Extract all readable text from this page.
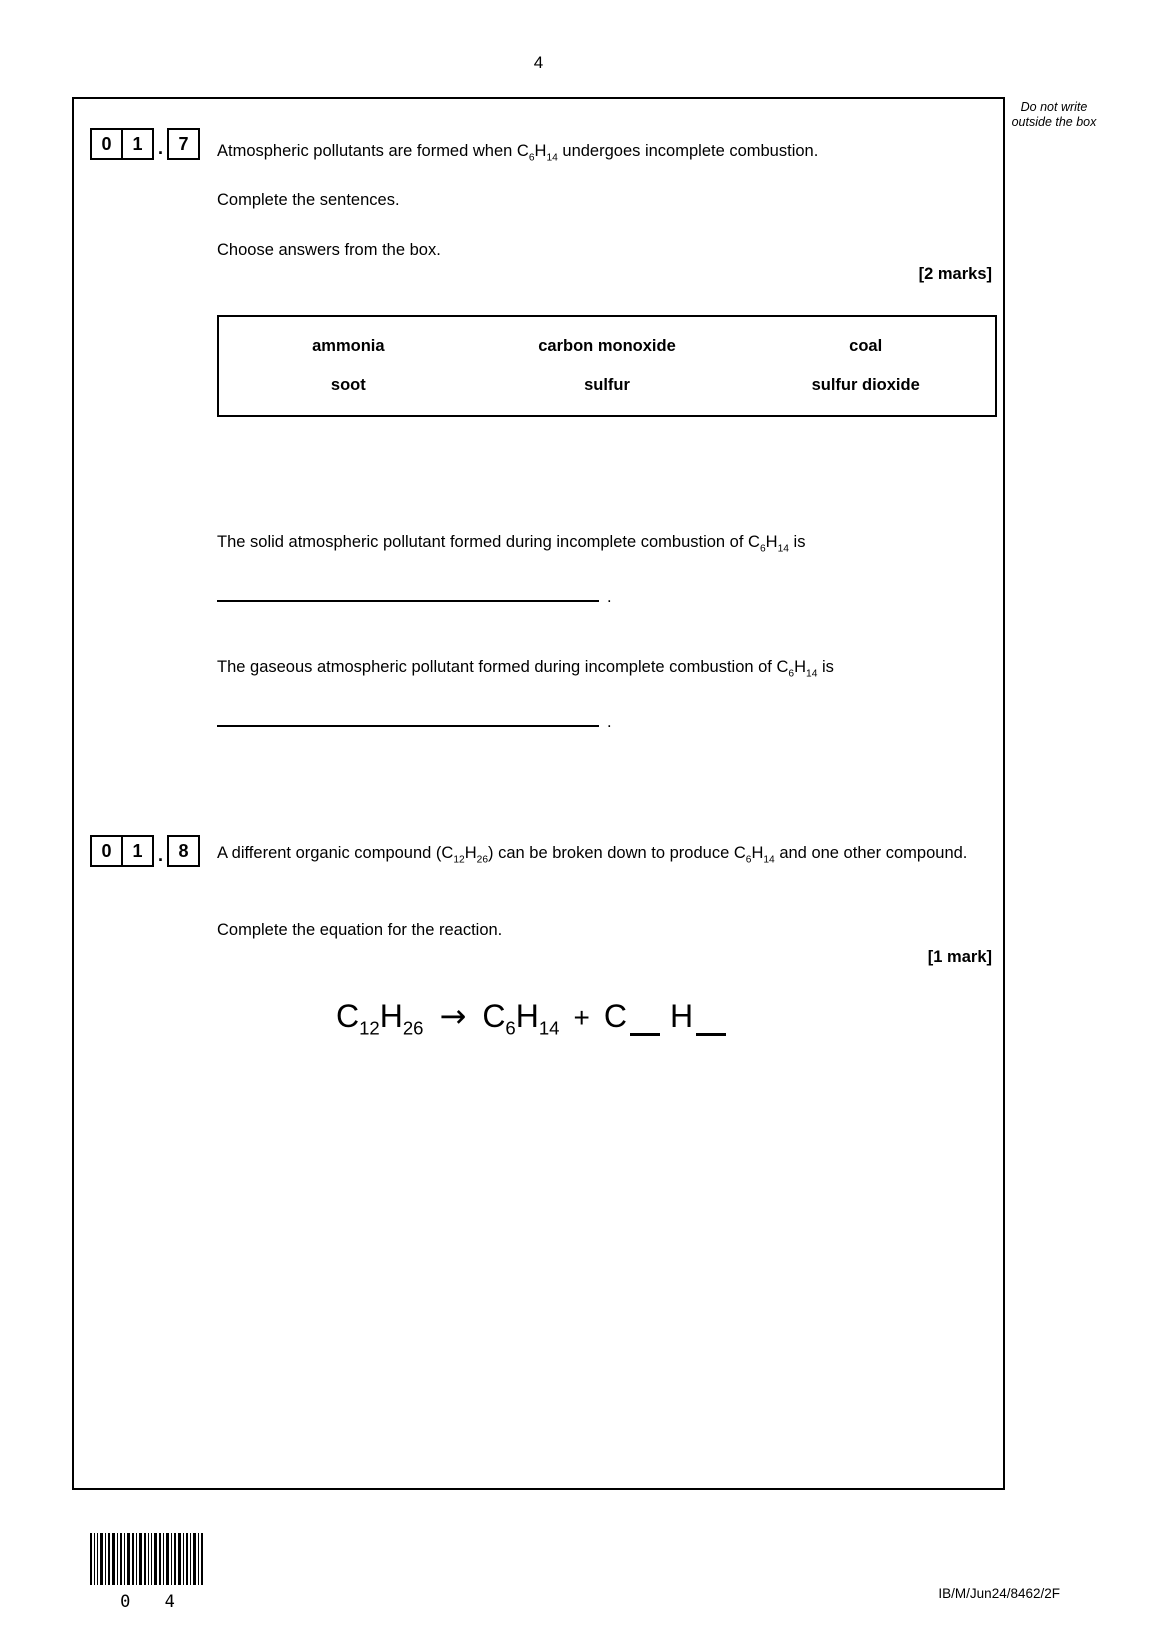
4
Do not write outside the box
0	1 . 7	Atmospheric pollutants are formed when $C_6H_{14}$ undergoes incomplete combustion.
Complete the sentences.
Choose answers from the box.
[2 marks]
ammonia	carbon monoxide	coal
soot	sulfur	sulfur dioxide
The solid atmospheric pollutant formed during incomplete combustion of $C_6H_{14}$ is
.
The gaseous atmospheric pollutant formed during incomplete combustion of $C_6H_{14}$ is
.
0	1 . 8	A different organic compound $(C_{12}H_{26})$ can be broken down to produce $C_6H_{14}$ and one other compound.
Complete the equation for the reaction.
[1 mark]
$C_{12}H_{26} \to C_6H_{14} + C$ H
0 4	IB/M/Jun24/8462/2F
